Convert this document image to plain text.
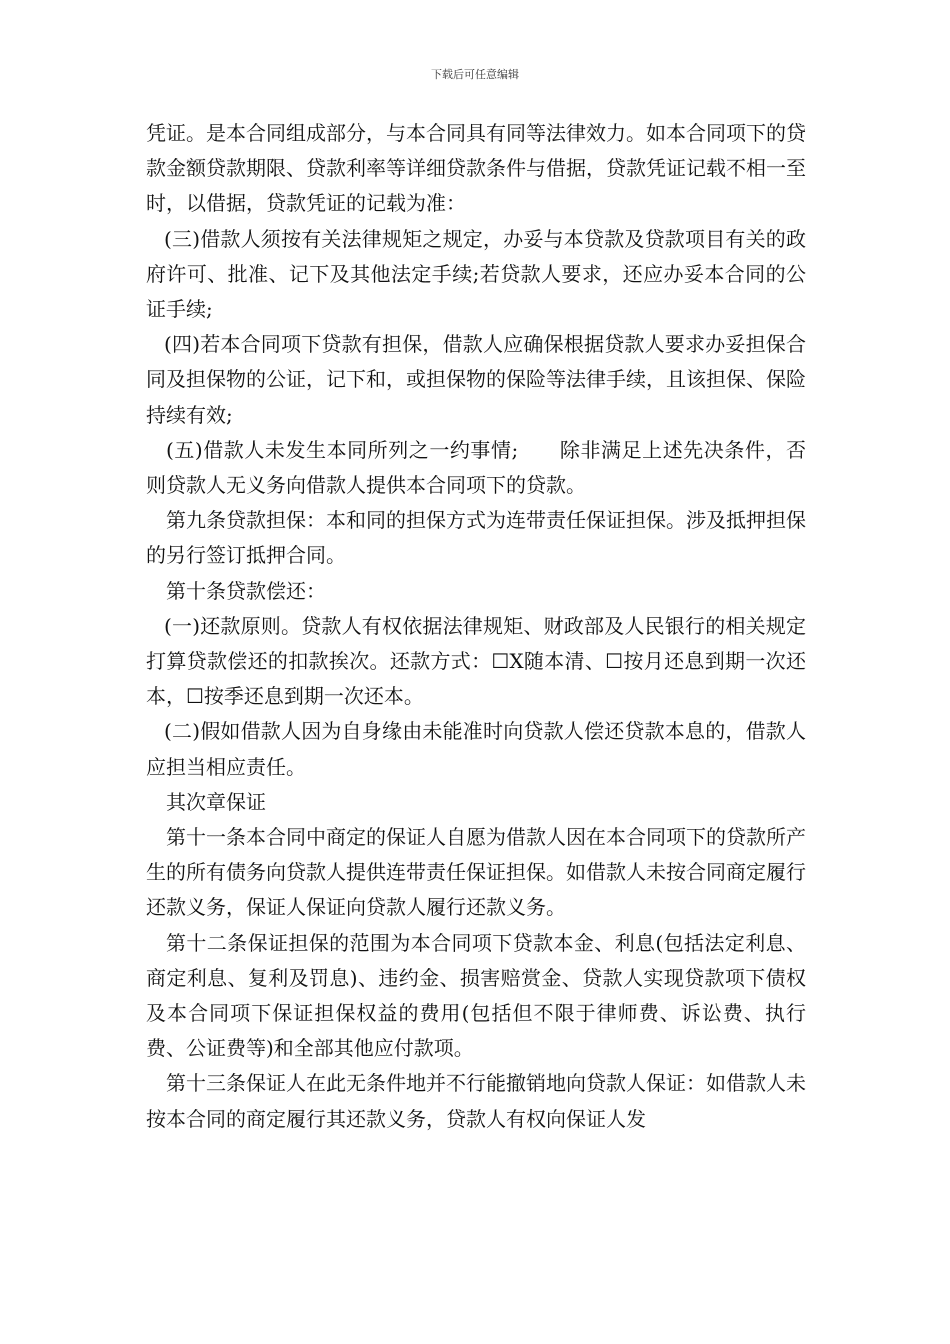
下载后可任意编辑

凭证。是本合同组成部分，与本合同具有同等法律效力。如本合同项下的贷款金额贷款期限、贷款利率等详细贷款条件与借据，贷款凭证记载不相一至时，以借据，贷款凭证的记载为准：

(三)借款人须按有关法律规矩之规定，办妥与本贷款及贷款项目有关的政府许可、批准、记下及其他法定手续;若贷款人要求，还应办妥本合同的公证手续;

(四)若本合同项下贷款有担保，借款人应确保根据贷款人要求办妥担保合同及担保物的公证，记下和，或担保物的保险等法律手续，且该担保、保险持续有效;

(五)借款人未发生本同所列之一约事情;　　除非满足上述先决条件，否则贷款人无义务向借款人提供本合同项下的贷款。

第九条贷款担保：本和同的担保方式为连带责任保证担保。涉及抵押担保的另行签订抵押合同。

第十条贷款偿还：

(一)还款原则。贷款人有权依据法律规矩、财政部及人民银行的相关规定打算贷款偿还的扣款挨次。还款方式：☐X随本清、☐按月还息到期一次还本，☐按季还息到期一次还本。

(二)假如借款人因为自身缘由未能准时向贷款人偿还贷款本息的，借款人应担当相应责任。

其次章保证

第十一条本合同中商定的保证人自愿为借款人因在本合同项下的贷款所产生的所有债务向贷款人提供连带责任保证担保。如借款人未按合同商定履行还款义务，保证人保证向贷款人履行还款义务。

第十二条保证担保的范围为本合同项下贷款本金、利息(包括法定利息、商定利息、复利及罚息)、违约金、损害赔赏金、贷款人实现贷款项下债权及本合同项下保证担保权益的费用(包括但不限于律师费、诉讼费、执行费、公证费等)和全部其他应付款项。

第十三条保证人在此无条件地并不行能撤销地向贷款人保证：如借款人未按本合同的商定履行其还款义务，贷款人有权向保证人发
